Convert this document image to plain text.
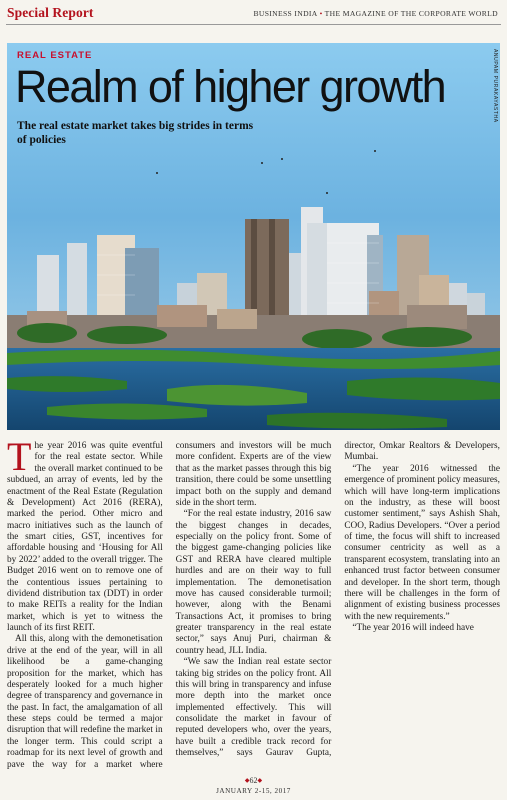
Special Report	BUSINESS INDIA • THE MAGAZINE OF THE CORPORATE WORLD
REAL ESTATE
Realm of higher growth
The real estate market takes big strides in terms of policies
ANUPAM PURAKAYASTHA

The year 2016 was quite eventful for the real estate sector. While the overall market continued to be subdued, an array of events, led by the enactment of the Real Estate (Regulation & Development) Act 2016 (RERA), marked the period. Other micro and macro initiatives such as the launch of the smart cities, GST, incentives for affordable housing and ‘Housing for All by 2022’ added to the overall trigger. The Budget 2016 went on to remove one of the contentious issues pertaining to dividend distribution tax (DDT) in order to make REITs a reality for the Indian market, which is yet to witness the launch of its first REIT.

All this, along with the demonetisation drive at the end of the year, will in all likelihood be a game-changing proposition for the market, which has desperately looked for a much higher degree of transparency and governance in the past. In fact, the amalgamation of all these steps could be termed a major disruption that will redefine the market in the longer term. This could script a roadmap for its next level of growth and pave the way for a market where consumers and investors will be much more confident. Experts are of the view that as the market passes through this big transition, there could be some unsettling impact both on the supply and demand side in the short term.

“For the real estate industry, 2016 saw the biggest changes in decades, especially on the policy front. Some of the biggest game-changing policies like GST and RERA have cleared multiple hurdles and are on their way to full implementation. The demonetisation move has caused considerable turmoil; however, along with the Benami Transactions Act, it promises to bring greater transparency in the real estate sector,” says Anuj Puri, chairman & country head, JLL India.

“We saw the Indian real estate sector taking big strides on the policy front. All this will bring in transparency and infuse more depth into the market once implemented effectively. This will consolidate the market in favour of reputed developers who, over the years, have built a credible track record for themselves,” says Gaurav Gupta, director, Omkar Realtors & Developers, Mumbai.

“The year 2016 witnessed the emergence of prominent policy measures, which will have long-term implications on the industry, as these will boost customer sentiment,” says Ashish Shah, COO, Radius Developers. “Over a period of time, the focus will shift to increased consumer centricity as well as a transparent ecosystem, translating into an enhanced trust factor between consumer and developer. In the short term, though there will be challenges in the form of alignment of existing business processes with the new requirements.”

“The year 2016 will indeed have

◆62◆
JANUARY 2-15, 2017
